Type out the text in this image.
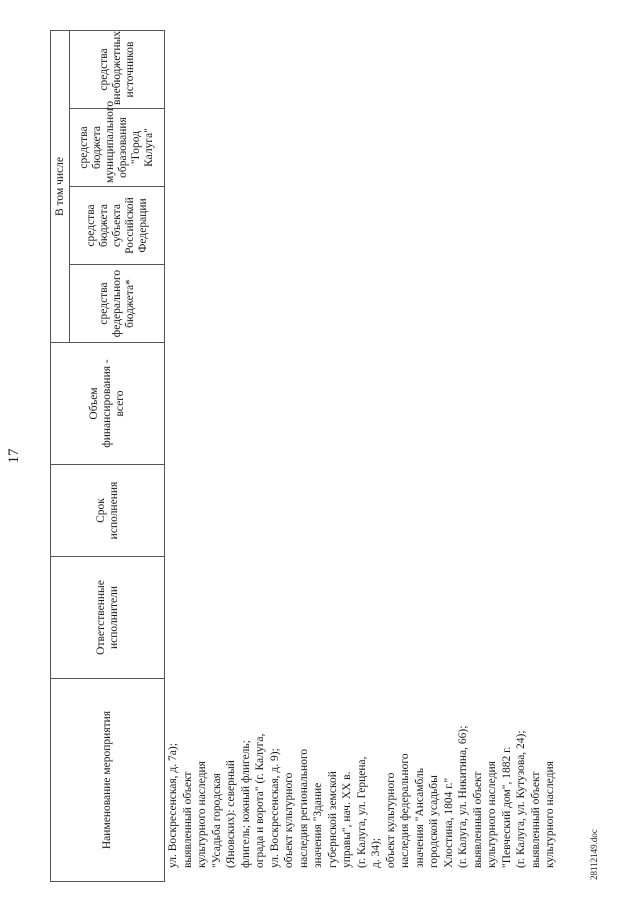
Наименование мероприятия	Ответственные исполнители	Срок исполнения	Объем финансирования - всего	В том числе			
				средства федерального бюджета*	средства бюджета субъекта Российской Федерации	средства бюджета муниципального образования "Город Калуга"	средства внебюджетных источников
17
ул. Воскресенская, д. 7а);
выявленный объект
культурного наследия
"Усадьба городская
(Яновских): северный
флигель; южный флигель;
ограда и ворота" (г. Калуга,
ул. Воскресенская, д. 9);
объект культурного
наследия регионального
значения "Здание
губернской земской
управы", нач. XX в.
(г. Калуга, ул. Герцена,
д. 34);
объект культурного
наследия федерального
значения "Ансамбль
городской усадьбы
Хлостина, 1804 г."
(г. Калуга, ул. Никитина, 66);
выявленный объект
культурного наследия
"Певческий дом", 1882 г.
(г. Калуга, ул. Кутузова, 24);
выявленный объект
культурного наследия
28112149.doc
